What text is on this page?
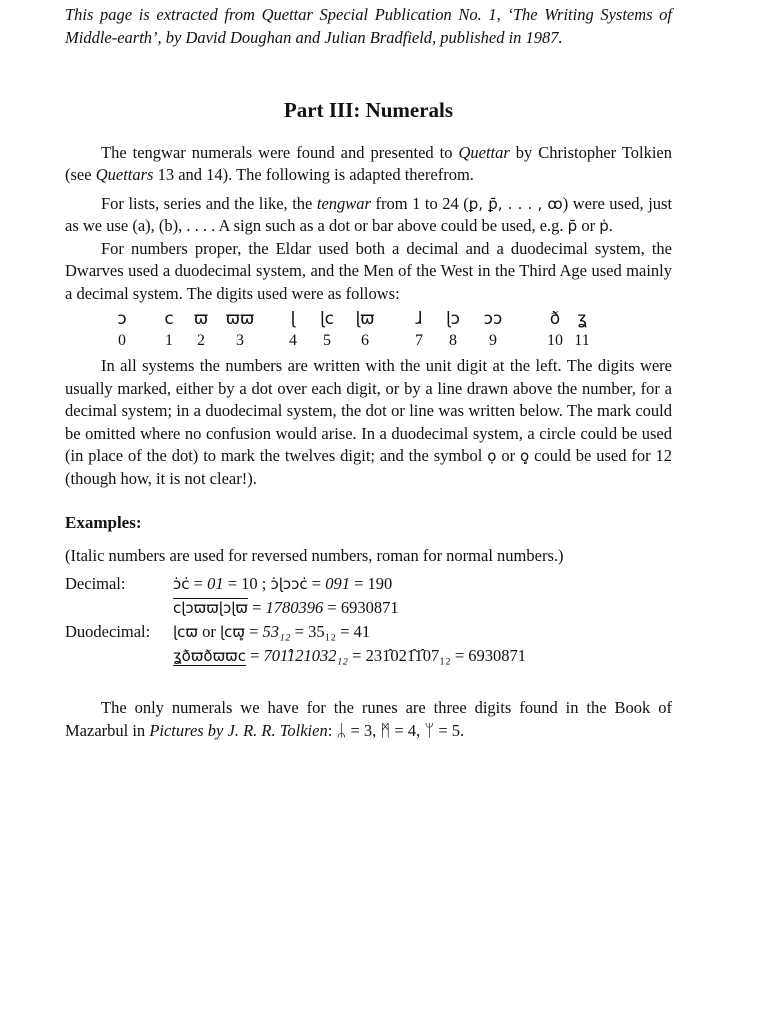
This page is extracted from Quettar Special Publication No. 1, ‘The Writing Systems of Middle-earth’, by David Doughan and Julian Bradfield, published in 1987.

Part III: Numerals

The tengwar numerals were found and presented to Quettar by Christopher Tolkien (see Quettars 13 and 14). The following is adapted therefrom.

For lists, series and the like, the tengwar from 1 to 24 (ꝑ, ꝑ̄, . . . , ꝏ) were used, just as we use (a), (b), . . . . A sign such as a dot or bar above could be used, e.g. p̄ or ṗ.

For numbers proper, the Eldar used both a decimal and a duodecimal system, the Dwarves used a duodecimal system, and the Men of the West in the Third Age used mainly a decimal system. The digits used were as follows:

ɔ
0
ϲ
1
ϖ
2
ϖϖ
3
ɭ
4
ɭϲ
5
ɭϖ
6
ɺ
7
ɭɔ
8
ɔɔ
9
ð
10
ʓ
11

In all systems the numbers are written with the unit digit at the left. The digits were usually marked, either by a dot over each digit, or by a line drawn above the number, for a decimal system; in a duodecimal system, the dot or line was written below. The mark could be omitted where no confusion would arise. In a duodecimal system, a circle could be used (in place of the dot) to mark the twelves digit; and the symbol ọ or ọ̧ could be used for 12 (though how, it is not clear!).

Examples:
(Italic numbers are used for reversed numbers, roman for normal numbers.)
Decimal:	ɔ̇ϲ̇ = 01 = 10 ; ɔ̇ɭɔɔϲ̇ = 091 = 190
ϲɭɔϖϖɭɔɭϖ = 1780396 = 6930871
Duodecimal: ɭϲϖ or ɭϲϖ̥ = 53₁₂ = 35₁₂ = 41
ʓðϖðϖϖϲ = 701̂121032₁₂ = 231̂021̂1̂07₁₂ = 6930871

The only numerals we have for the runes are three digits found in the Book of Mazarbul in Pictures by J. R. R. Tolkien: ᛦ = 3, ᛗ = 4, ᛘ = 5.
